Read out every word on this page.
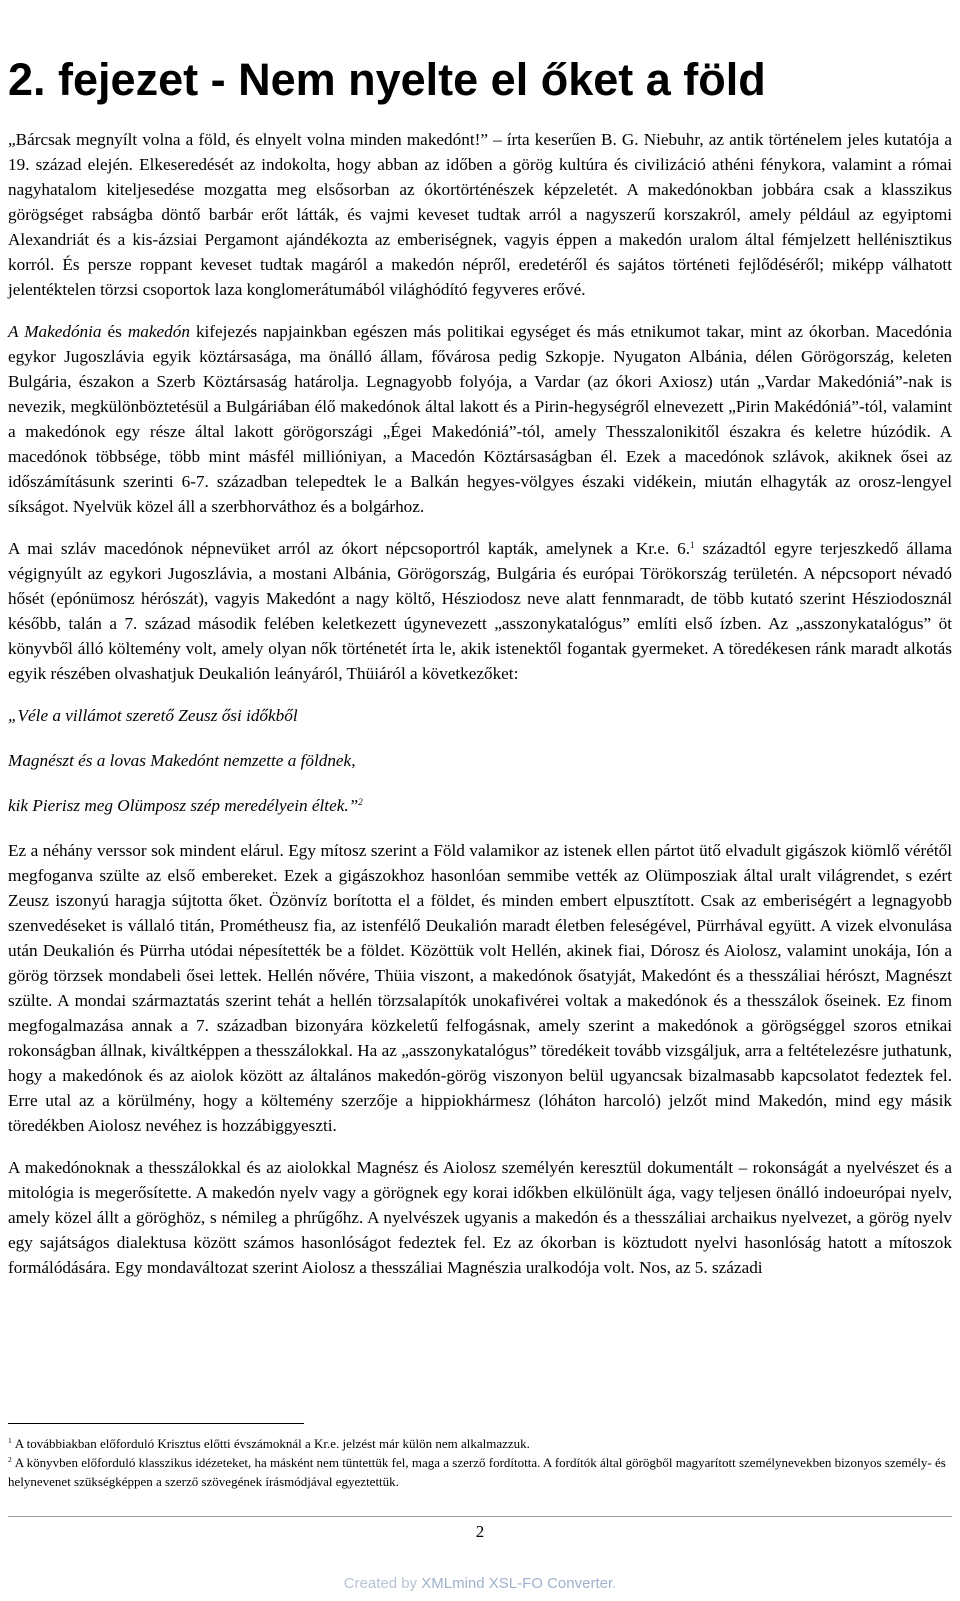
2. fejezet - Nem nyelte el őket a föld

„Bárcsak megnyílt volna a föld, és elnyelt volna minden makedónt!” – írta keserűen B. G. Niebuhr, az antik történelem jeles kutatója a 19. század elején. Elkeseredését az indokolta, hogy abban az időben a görög kultúra és civilizáció athéni fénykora, valamint a római nagyhatalom kiteljesedése mozgatta meg elsősorban az ókortörténészek képzeletét. A makedónokban jobbára csak a klasszikus görögséget rabságba döntő barbár erőt látták, és vajmi keveset tudtak arról a nagyszerű korszakról, amely például az egyiptomi Alexandriát és a kis-ázsiai Pergamont ajándékozta az emberiségnek, vagyis éppen a makedón uralom által fémjelzett hellénisztikus korról. És persze roppant keveset tudtak magáról a makedón népről, eredetéről és sajátos történeti fejlődéséről; miképp válhatott jelentéktelen törzsi csoportok laza konglomerátumából világhódító fegyveres erővé.

A Makedónia és makedón kifejezés napjainkban egészen más politikai egységet és más etnikumot takar, mint az ókorban. Macedónia egykor Jugoszlávia egyik köztársasága, ma önálló állam, fővárosa pedig Szkopje. Nyugaton Albánia, délen Görögország, keleten Bulgária, északon a Szerb Köztársaság határolja. Legnagyobb folyója, a Vardar (az ókori Axiosz) után „Vardar Makedóniá”-nak is nevezik, megkülönböztetésül a Bulgáriában élő makedónok által lakott és a Pirin-hegységről elnevezett „Pirin Makédóniá”-tól, valamint a makedónok egy része által lakott görögországi „Égei Makedóniá”-tól, amely Thesszalonikitől északra és keletre húzódik. A macedónok többsége, több mint másfél millióniyan, a Macedón Köztársaságban él. Ezek a macedónok szlávok, akiknek ősei az időszámításunk szerinti 6-7. században telepedtek le a Balkán hegyes-völgyes északi vidékein, miután elhagyták az orosz-lengyel síkságot. Nyelvük közel áll a szerbhorváthoz és a bolgárhoz.

A mai szláv macedónok népnevüket arról az ókort népcsoportról kapták, amelynek a Kr.e. 6.$^1$ századtól egyre terjeszkedő állama végignyúlt az egykori Jugoszlávia, a mostani Albánia, Görögország, Bulgária és európai Törökország területén. A népcsoport névadó hősét (epónümosz hérószát), vagyis Makedónt a nagy költő, Hésziodosz neve alatt fennmaradt, de több kutató szerint Hésziodosznál később, talán a 7. század második felében keletkezett úgynevezett „asszonykatalógus” említi első ízben. Az „asszonykatalógus” öt könyvből álló költemény volt, amely olyan nők történetét írta le, akik istenektől fogantak gyermeket. A töredékesen ránk maradt alkotás egyik részében olvashatjuk Deukalión leányáról, Thüiáról a következőket:

„Véle a villámot szerető Zeusz ősi időkből

Magnészt és a lovas Makedónt nemzette a földnek,

kik Pierisz meg Olümposz szép meredélyein éltek.”$^2$

Ez a néhány verssor sok mindent elárul. Egy mítosz szerint a Föld valamikor az istenek ellen pártot ütő elvadult gigászok kiömlő vérétől megfoganva szülte az első embereket. Ezek a gigászokhoz hasonlóan semmibe vették az Olümposziak által uralt világrendet, s ezért Zeusz iszonyú haragja sújtotta őket. Özönvíz borította el a földet, és minden embert elpusztított. Csak az emberiségért a legnagyobb szenvedéseket is vállaló titán, Prométheusz fia, az istenfélő Deukalión maradt életben feleségével, Pürrhával együtt. A vizek elvonulása után Deukalión és Pürrha utódai népesítették be a földet. Közöttük volt Hellén, akinek fiai, Dórosz és Aiolosz, valamint unokája, Ión a görög törzsek mondabeli ősei lettek. Hellén nővére, Thüia viszont, a makedónok ősatyját, Makedónt és a thesszáliai hérószt, Magnészt szülte. A mondai származtatás szerint tehát a hellén törzsalapítók unokafivérei voltak a makedónok és a thesszálok őseinek. Ez finom megfogalmazása annak a 7. században bizonyára közkeletű felfogásnak, amely szerint a makedónok a görögséggel szoros etnikai rokonságban állnak, kiváltképpen a thesszálokkal. Ha az „asszonykatalógus” töredékeit tovább vizsgáljuk, arra a feltételezésre juthatunk, hogy a makedónok és az aiolok között az általános makedón-görög viszonyon belül ugyancsak bizalmasabb kapcsolatot fedeztek fel. Erre utal az a körülmény, hogy a költemény szerzője a hippiokhármesz (lóháton harcoló) jelzőt mind Makedón, mind egy másik töredékben Aiolosz nevéhez is hozzábiggyeszti.

A makedónoknak a thesszálokkal és az aiolokkal Magnész és Aiolosz személyén keresztül dokumentált – rokonságát a nyelvészet és a mitológia is megerősítette. A makedón nyelv vagy a görögnek egy korai időkben elkülönült ága, vagy teljesen önálló indoeurópai nyelv, amely közel állt a göröghöz, s némileg a phrűgőhz. A nyelvészek ugyanis a makedón és a thesszáliai archaikus nyelvezet, a görög nyelv egy sajátságos dialektusa között számos hasonlóságot fedeztek fel. Ez az ókorban is köztudott nyelvi hasonlóság hatott a mítoszok formálódására. Egy mondaváltozat szerint Aiolosz a thesszáliai Magnészia uralkodója volt. Nos, az 5. századi

$^1$ A továbbiakban előforduló Krisztus előtti évszámoknál a Kr.e. jelzést már külön nem alkalmazzuk.

$^2$ A könyvben előforduló klasszikus idézeteket, ha másként nem tüntettük fel, maga a szerző fordította. A fordítók által görögből magyarított személynevekben bizonyos személy- és helynevenet szükségképpen a szerző szövegének írásmódjával egyeztettük.

2
Created by XMLmind XSL-FO Converter.
